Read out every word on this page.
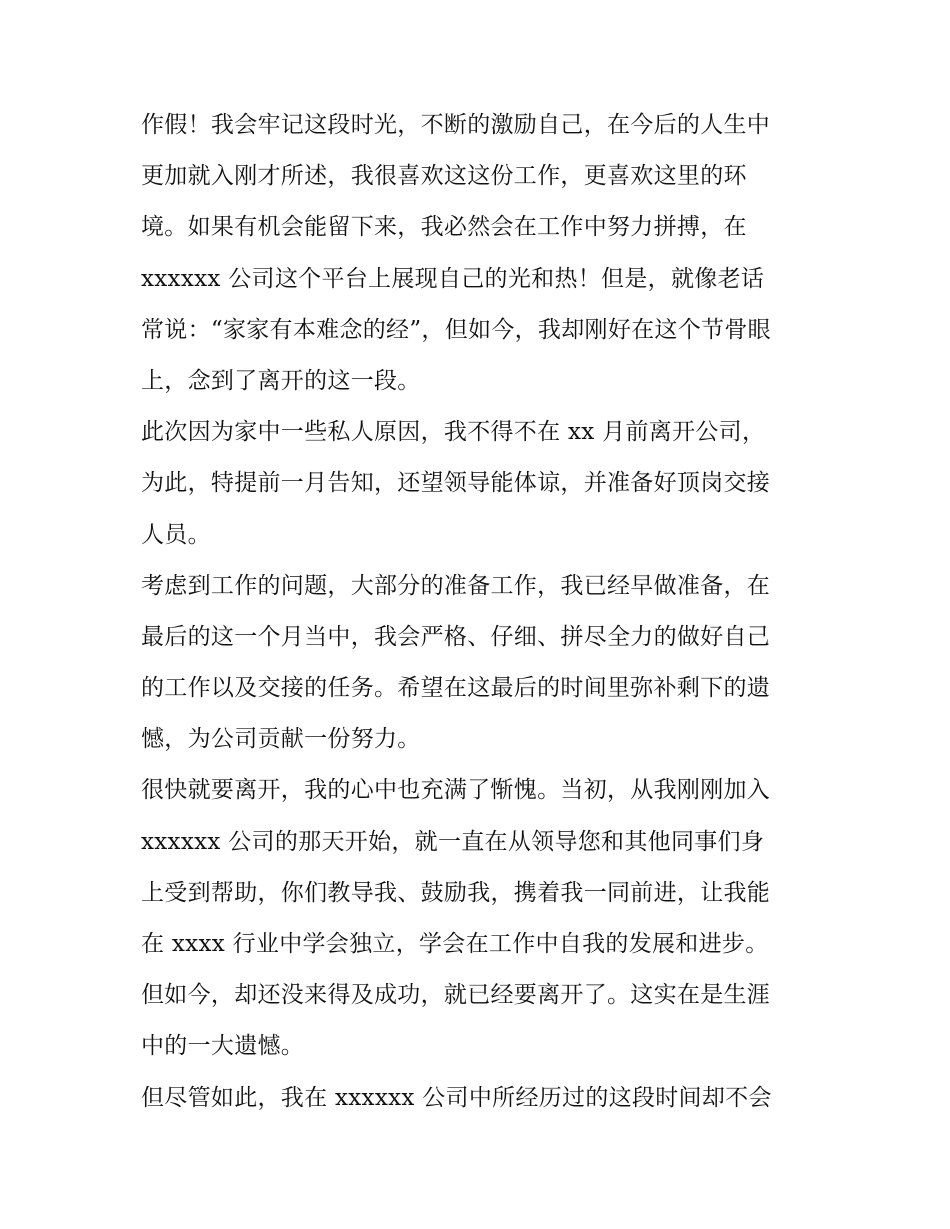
作假！我会牢记这段时光，不断的激励自己，在今后的人生中
更加就入刚才所述，我很喜欢这这份工作，更喜欢这里的环
境。如果有机会能留下来，我必然会在工作中努力拼搏，在
xxxxxx 公司这个平台上展现自己的光和热！但是，就像老话
常说：“家家有本难念的经”，但如今，我却刚好在这个节骨眼
上，念到了离开的这一段。
此次因为家中一些私人原因，我不得不在 xx 月前离开公司，
为此，特提前一月告知，还望领导能体谅，并准备好顶岗交接
人员。
考虑到工作的问题，大部分的准备工作，我已经早做准备，在
最后的这一个月当中，我会严格、仔细、拼尽全力的做好自己
的工作以及交接的任务。希望在这最后的时间里弥补剩下的遗
憾，为公司贡献一份努力。
很快就要离开，我的心中也充满了惭愧。当初，从我刚刚加入
xxxxxx 公司的那天开始，就一直在从领导您和其他同事们身
上受到帮助，你们教导我、鼓励我，携着我一同前进，让我能
在 xxxx 行业中学会独立，学会在工作中自我的发展和进步。
但如今，却还没来得及成功，就已经要离开了。这实在是生涯
中的一大遗憾。
但尽管如此，我在 xxxxxx 公司中所经历过的这段时间却不会
